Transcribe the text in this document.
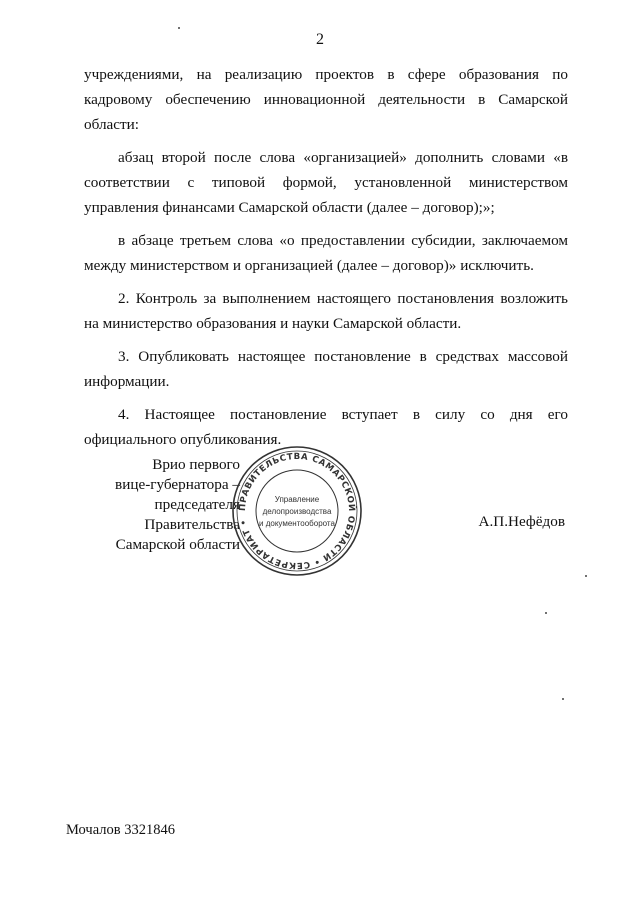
2

учреждениями, на реализацию проектов в сфере образования по кадровому обеспечению инновационной деятельности в Самарской области:

абзац второй после слова «организацией» дополнить словами «в соответствии с типовой формой, установленной министерством управления финансами Самарской области (далее – договор);»;

в абзаце третьем слова «о предоставлении субсидии, заключаемом между министерством и организацией (далее – договор)» исключить.

2. Контроль за выполнением настоящего постановления возложить на министерство образования и науки Самарской области.

3. Опубликовать настоящее постановление в средствах массовой информации.

4. Настоящее постановление вступает в силу со дня его официального опубликования.

Врио первого
вице-губернатора –
председателя Правительства
Самарской области
ПРАВИТЕЛЬСТВА САМАРСКОЙ ОБЛАСТИ • СЕКРЕТАРИАТ •
Управление
делопроизводства
и документооборота	А.П.Нефёдов
Мочалов 3321846
